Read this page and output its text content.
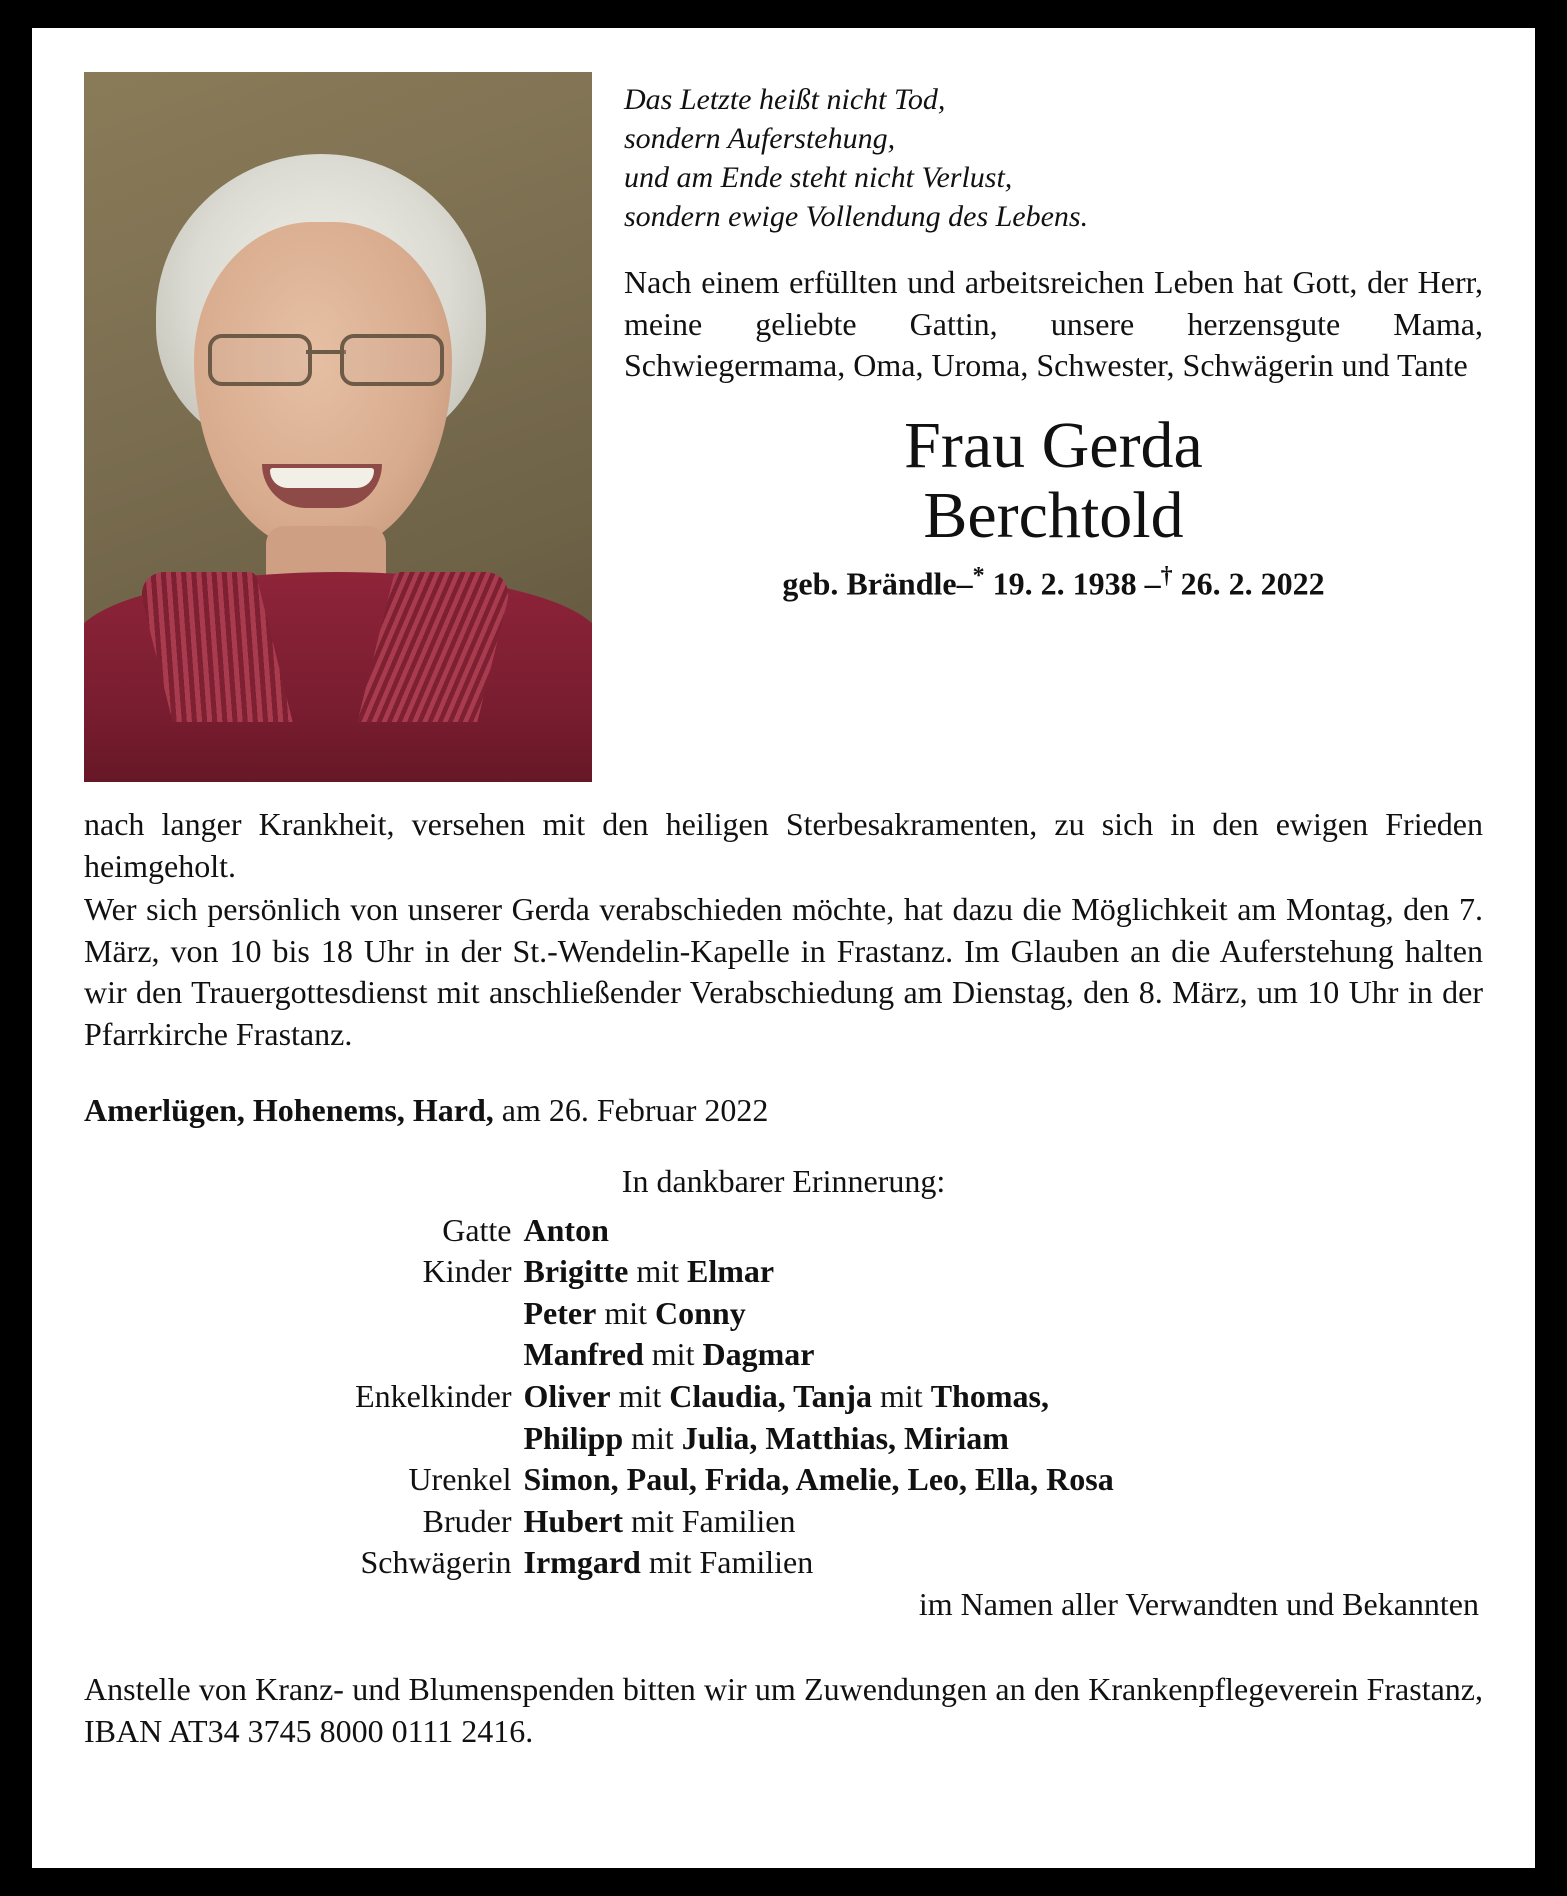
Das Letzte heißt nicht Tod,
sondern Auferstehung,
und am Ende steht nicht Verlust,
sondern ewige Vollendung des Lebens.
Nach einem erfüllten und arbeitsreichen Leben hat Gott, der Herr, meine geliebte Gattin, unsere herzensgute Mama, Schwiegermama, Oma, Uroma, Schwester, Schwägerin und Tante
Frau Gerda
Berchtold
geb. Brändle–* 19. 2. 1938 –† 26. 2. 2022

nach langer Krankheit, versehen mit den heiligen Sterbesakramenten, zu sich in den ewigen Frieden heimgeholt.

Wer sich persönlich von unserer Gerda verabschieden möchte, hat dazu die Möglichkeit am Montag, den 7. März, von 10 bis 18 Uhr in der St.-Wendelin-Kapelle in Frastanz. Im Glauben an die Auferstehung halten wir den Trauergottesdienst mit anschließender Verabschiedung am Dienstag, den 8. März, um 10 Uhr in der Pfarrkirche Frastanz.

Amerlügen, Hohenems, Hard, am 26. Februar 2022
In dankbarer Erinnerung:
Gatte Anton
Kinder Brigitte mit Elmar
Peter mit Conny
Manfred mit Dagmar
Enkelkinder Oliver mit Claudia, Tanja mit Thomas,
Philipp mit Julia, Matthias, Miriam
Urenkel Simon, Paul, Frida, Amelie, Leo, Ella, Rosa
Bruder Hubert mit Familien
Schwägerin Irmgard mit Familien
im Namen aller Verwandten und Bekannten
Anstelle von Kranz- und Blumenspenden bitten wir um Zuwendungen an den Krankenpflegeverein Frastanz, IBAN AT34 3745 8000 0111 2416.
